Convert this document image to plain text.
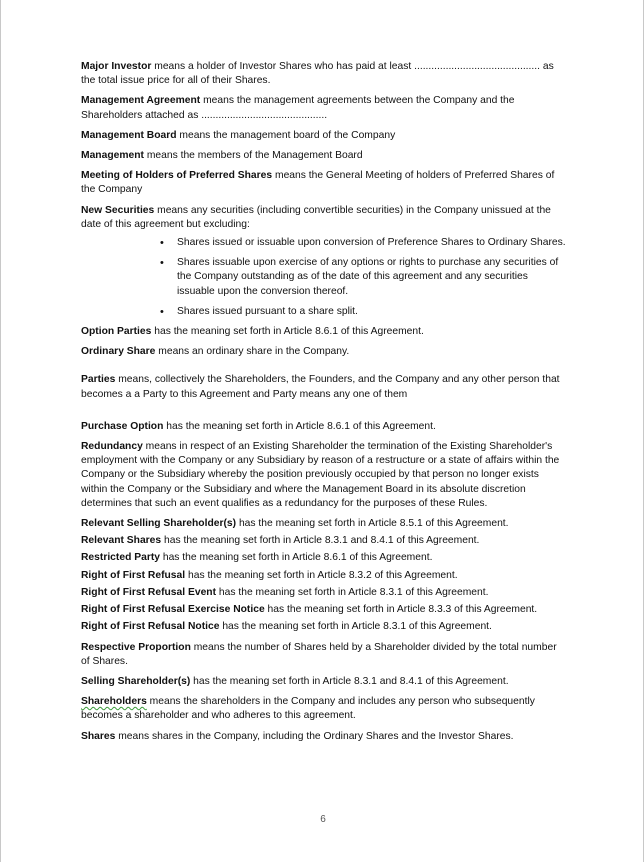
Major Investor means a holder of Investor Shares who has paid at least ............................................ as the total issue price for all of their Shares.

Management Agreement means the management agreements between the Company and the Shareholders attached as ............................................

Management Board means the management board of the Company

Management means the members of the Management Board

Meeting of Holders of Preferred Shares means the General Meeting of holders of Preferred Shares of the Company

New Securities means any securities (including convertible securities) in the Company unissued at the date of this agreement but excluding:

• Shares issued or issuable upon conversion of Preference Shares to Ordinary Shares.
• Shares issuable upon exercise of any options or rights to purchase any securities of the Company outstanding as of the date of this agreement and any securities issuable upon the conversion thereof.
• Shares issued pursuant to a share split.

Option Parties has the meaning set forth in Article 8.6.1 of this Agreement.

Ordinary Share means an ordinary share in the Company.

Parties means, collectively the Shareholders, the Founders, and the Company and any other person that becomes a a Party to this Agreement and Party means any one of them

Purchase Option has the meaning set forth in Article 8.6.1 of this Agreement.

Redundancy means in respect of an Existing Shareholder the termination of the Existing Shareholder's employment with the Company or any Subsidiary by reason of a restructure or a state of affairs within the Company or the Subsidiary whereby the position previously occupied by that person no longer exists within the Company or the Subsidiary and where the Management Board in its absolute discretion determines that such an event qualifies as a redundancy for the purposes of these Rules.

Relevant Selling Shareholder(s) has the meaning set forth in Article 8.5.1 of this Agreement.

Relevant Shares has the meaning set forth in Article 8.3.1 and 8.4.1 of this Agreement.

Restricted Party has the meaning set forth in Article 8.6.1 of this Agreement.

Right of First Refusal has the meaning set forth in Article 8.3.2 of this Agreement.

Right of First Refusal Event has the meaning set forth in Article 8.3.1 of this Agreement.

Right of First Refusal Exercise Notice has the meaning set forth in Article 8.3.3 of this Agreement.

Right of First Refusal Notice has the meaning set forth in Article 8.3.1 of this Agreement.

Respective Proportion means the number of Shares held by a Shareholder divided by the total number of Shares.

Selling Shareholder(s) has the meaning set forth in Article 8.3.1 and 8.4.1 of this Agreement.

Shareholders means the shareholders in the Company and includes any person who subsequently becomes a shareholder and who adheres to this agreement.

Shares means shares in the Company, including the Ordinary Shares and the Investor Shares.

6
